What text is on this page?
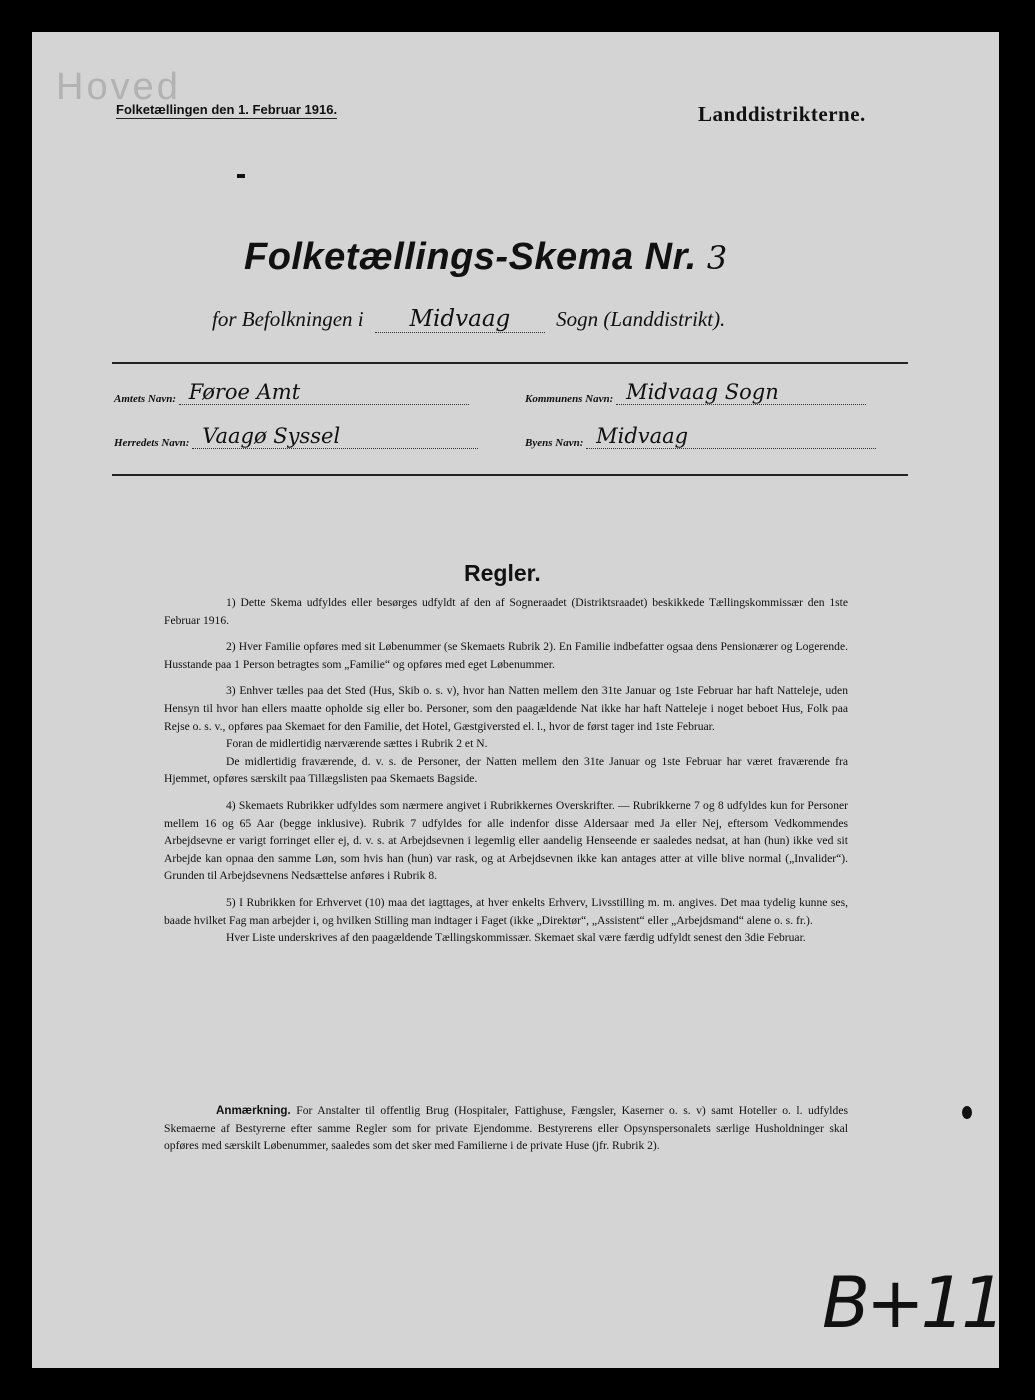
Hoved
Folketællingen den 1. Februar 1916.	Landdistrikterne.
Folketællings-Skema Nr. 3
for Befolkningen i Midvaag Sogn (Landdistrikt).
Amtets Navn: Føroe Amt	Kommunens Navn: Midvaag Sogn
Herredets Navn: Vaagø Syssel	Byens Navn: Midvaag
Regler.

1) Dette Skema udfyldes eller besørges udfyldt af den af Sogneraadet (Distriktsraadet) beskikkede Tællingskommissær den 1ste Februar 1916.

2) Hver Familie opføres med sit Løbenummer (se Skemaets Rubrik 2). En Familie indbefatter ogsaa dens Pensionærer og Logerende. Husstande paa 1 Person betragtes som „Familie“ og opføres med eget Løbenummer.

3) Enhver tælles paa det Sted (Hus, Skib o. s. v), hvor han Natten mellem den 31te Januar og 1ste Februar har haft Natteleje, uden Hensyn til hvor han ellers maatte opholde sig eller bo. Personer, som den paagældende Nat ikke har haft Natteleje i noget beboet Hus, Folk paa Rejse o. s. v., opføres paa Skemaet for den Familie, det Hotel, Gæstgiversted el. l., hvor de først tager ind 1ste Februar.

Foran de midlertidig nærværende sættes i Rubrik 2 et N.

De midlertidig fraværende, d. v. s. de Personer, der Natten mellem den 31te Januar og 1ste Februar har været fraværende fra Hjemmet, opføres særskilt paa Tillægslisten paa Skemaets Bagside.

4) Skemaets Rubrikker udfyldes som nærmere angivet i Rubrikkernes Overskrifter. — Rubrikkerne 7 og 8 udfyldes kun for Personer mellem 16 og 65 Aar (begge inklusive). Rubrik 7 udfyldes for alle indenfor disse Aldersaar med Ja eller Nej, eftersom Vedkommendes Arbejdsevne er varigt forringet eller ej, d. v. s. at Arbejdsevnen i legemlig eller aandelig Henseende er saaledes nedsat, at han (hun) ikke ved sit Arbejde kan opnaa den samme Løn, som hvis han (hun) var rask, og at Arbejdsevnen ikke kan antages atter at ville blive normal („Invalider“). Grunden til Arbejdsevnens Nedsættelse anføres i Rubrik 8.

5) I Rubrikken for Erhvervet (10) maa det iagttages, at hver enkelts Erhverv, Livsstilling m. m. angives. Det maa tydelig kunne ses, baade hvilket Fag man arbejder i, og hvilken Stilling man indtager i Faget (ikke „Direktør“, „Assistent“ eller „Arbejdsmand“ alene o. s. fr.).

Hver Liste underskrives af den paagældende Tællingskommissær. Skemaet skal være færdig udfyldt senest den 3die Februar.

Anmærkning. For Anstalter til offentlig Brug (Hospitaler, Fattighuse, Fængsler, Kaserner o. s. v) samt Hoteller o. l. udfyldes Skemaerne af Bestyrerne efter samme Regler som for private Ejendomme. Bestyrerens eller Opsynspersonalets særlige Husholdninger skal opføres med særskilt Løbenummer, saaledes som det sker med Familierne i de private Huse (jfr. Rubrik 2).
B+11
